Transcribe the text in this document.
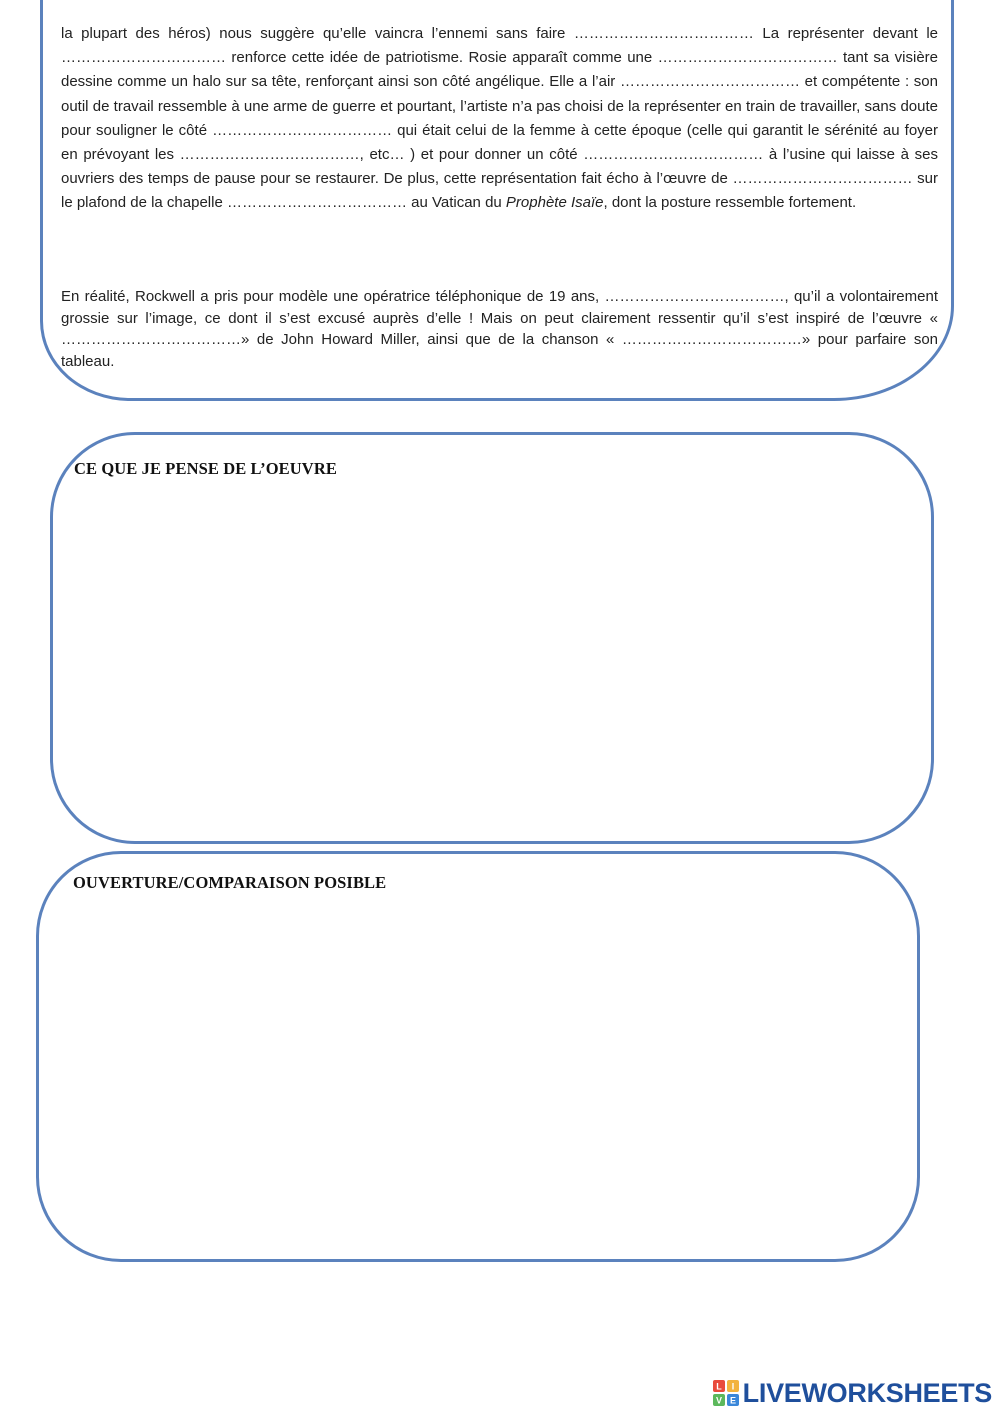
la plupart des héros) nous suggère qu’elle vaincra l’ennemi sans faire ……………………………… La représenter devant le …………………………… renforce cette idée de patriotisme. Rosie apparaît comme une ……………………………… tant sa visière dessine comme un halo sur sa tête, renforçant ainsi son côté angélique. Elle a l’air ……………………………… et compétente : son outil de travail ressemble à une arme de guerre et pourtant, l’artiste n’a pas choisi de la représenter en train de travailler, sans doute pour souligner le côté ……………………………… qui était celui de la femme à cette époque (celle qui garantit le sérénité au foyer en prévoyant les ………………………………, etc… ) et pour donner un côté ……………………………… à l’usine qui laisse à ses ouvriers des temps de pause pour se restaurer. De plus, cette représentation fait écho à l’œuvre de ……………………………… sur le plafond de la chapelle ……………………………… au Vatican du Prophète Isaïe, dont la posture ressemble fortement.

En réalité, Rockwell a pris pour modèle une opératrice téléphonique de 19 ans, ………………………………, qu’il a volontairement grossie sur l’image, ce dont il s’est excusé auprès d’elle ! Mais on peut clairement ressentir qu’il s’est inspiré de l’œuvre « ………………………………» de John Howard Miller, ainsi que de la chanson « ………………………………» pour parfaire son tableau.

CE QUE JE PENSE DE L’OEUVRE
OUVERTURE/COMPARAISON POSIBLE
L I
V E LIVEWORKSHEETS
